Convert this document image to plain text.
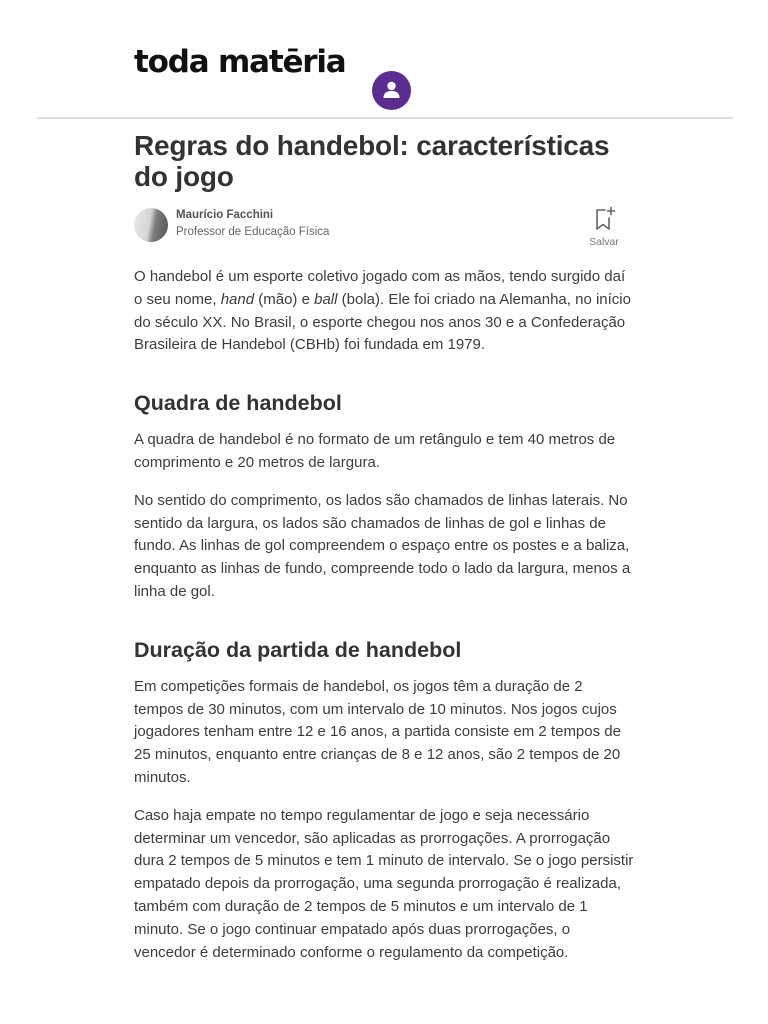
toda matēria
Regras do handebol: características do jogo
Maurício Facchini
Professor de Educação Física
Salvar

O handebol é um esporte coletivo jogado com as mãos, tendo surgido daí o seu nome, hand (mão) e ball (bola). Ele foi criado na Alemanha, no início do século XX. No Brasil, o esporte chegou nos anos 30 e a Confederação Brasileira de Handebol (CBHb) foi fundada em 1979.

Quadra de handebol

A quadra de handebol é no formato de um retângulo e tem 40 metros de comprimento e 20 metros de largura.

No sentido do comprimento, os lados são chamados de linhas laterais. No sentido da largura, os lados são chamados de linhas de gol e linhas de fundo. As linhas de gol compreendem o espaço entre os postes e a baliza, enquanto as linhas de fundo, compreende todo o lado da largura, menos a linha de gol.

Duração da partida de handebol

Em competições formais de handebol, os jogos têm a duração de 2 tempos de 30 minutos, com um intervalo de 10 minutos. Nos jogos cujos jogadores tenham entre 12 e 16 anos, a partida consiste em 2 tempos de 25 minutos, enquanto entre crianças de 8 e 12 anos, são 2 tempos de 20 minutos.

Caso haja empate no tempo regulamentar de jogo e seja necessário determinar um vencedor, são aplicadas as prorrogações. A prorrogação dura 2 tempos de 5 minutos e tem 1 minuto de intervalo. Se o jogo persistir empatado depois da prorrogação, uma segunda prorrogação é realizada, também com duração de 2 tempos de 5 minutos e um intervalo de 1 minuto. Se o jogo continuar empatado após duas prorrogações, o vencedor é determinado conforme o regulamento da competição.
